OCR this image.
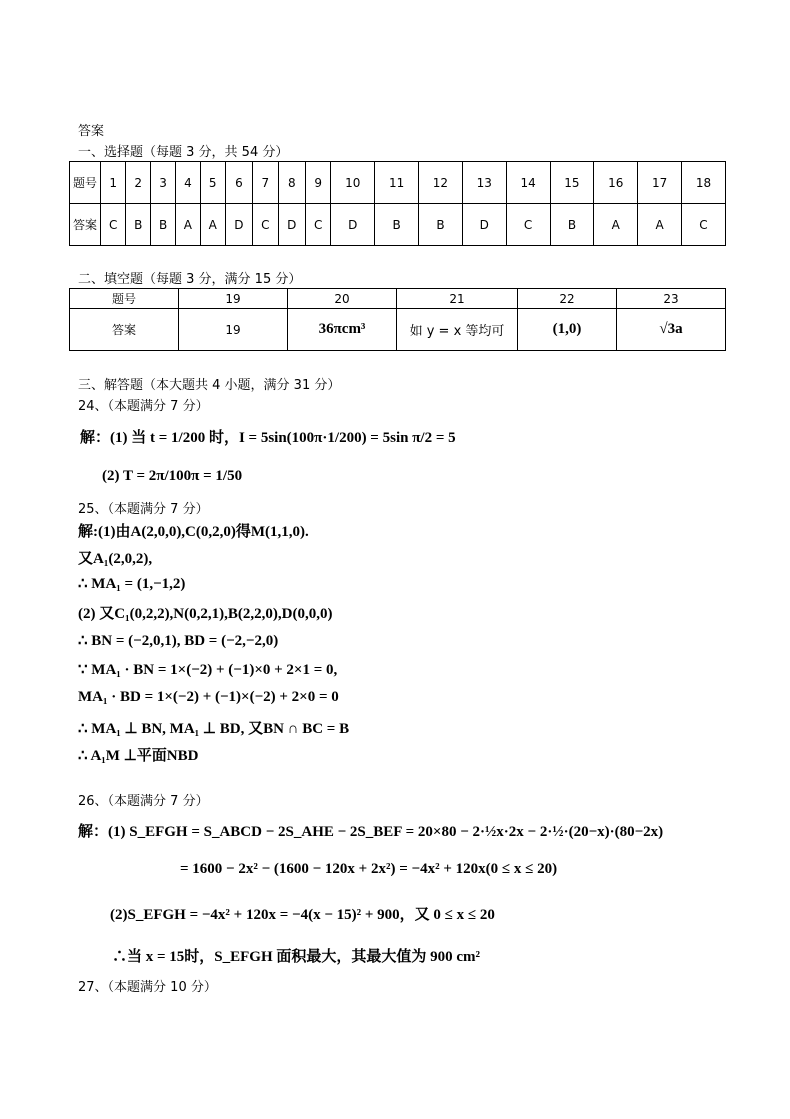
答案
一、选择题（每题 3 分，共 54 分）
题号	1	2	3	4	5	6	7	8	9	10	11	12	13	14	15	16	17	18
答案	C	B	B	A	A	D	C	D	C	D	B	B	D	C	B	A	A	C
二、填空题（每题 3 分，满分 15 分）
题号	19	20	21	22	23
答案	19	36πcm³	如 y = x 等均可	(1,0)	√3a
三、解答题（本大题共 4 小题，满分 31 分）
24、（本题满分 7 分）
解：(1) 当 t = 1/200 时，I = 5sin(100π·1/200) = 5sin π/2 = 5
(2) T = 2π/100π = 1/50
25、（本题满分 7 分）
解:(1)由A(2,0,0),C(0,2,0)得M(1,1,0).
又A₁(2,0,2),
∴ MA₁ = (1,−1,2)
(2) 又C₁(0,2,2),N(0,2,1),B(2,2,0),D(0,0,0)
∴ BN = (−2,0,1), BD = (−2,−2,0)
∵ MA₁ · BN = 1×(−2) + (−1)×0 + 2×1 = 0,
MA₁ · BD = 1×(−2) + (−1)×(−2) + 2×0 = 0
∴ MA₁ ⊥ BN, MA₁ ⊥ BD, 又BN ∩ BC = B
∴ A₁M ⊥平面NBD
26、（本题满分 7 分）
解：(1) S_EFGH = S_ABCD − 2S_AHE − 2S_BEF = 20×80 − 2·½x·2x − 2·½·(20−x)·(80−2x)
= 1600 − 2x² − (1600 − 120x + 2x²) = −4x² + 120x(0 ≤ x ≤ 20)
(2)S_EFGH = −4x² + 120x = −4(x − 15)² + 900，又 0 ≤ x ≤ 20
∴当 x = 15时，S_EFGH 面积最大，其最大值为 900 cm²
27、（本题满分 10 分）
